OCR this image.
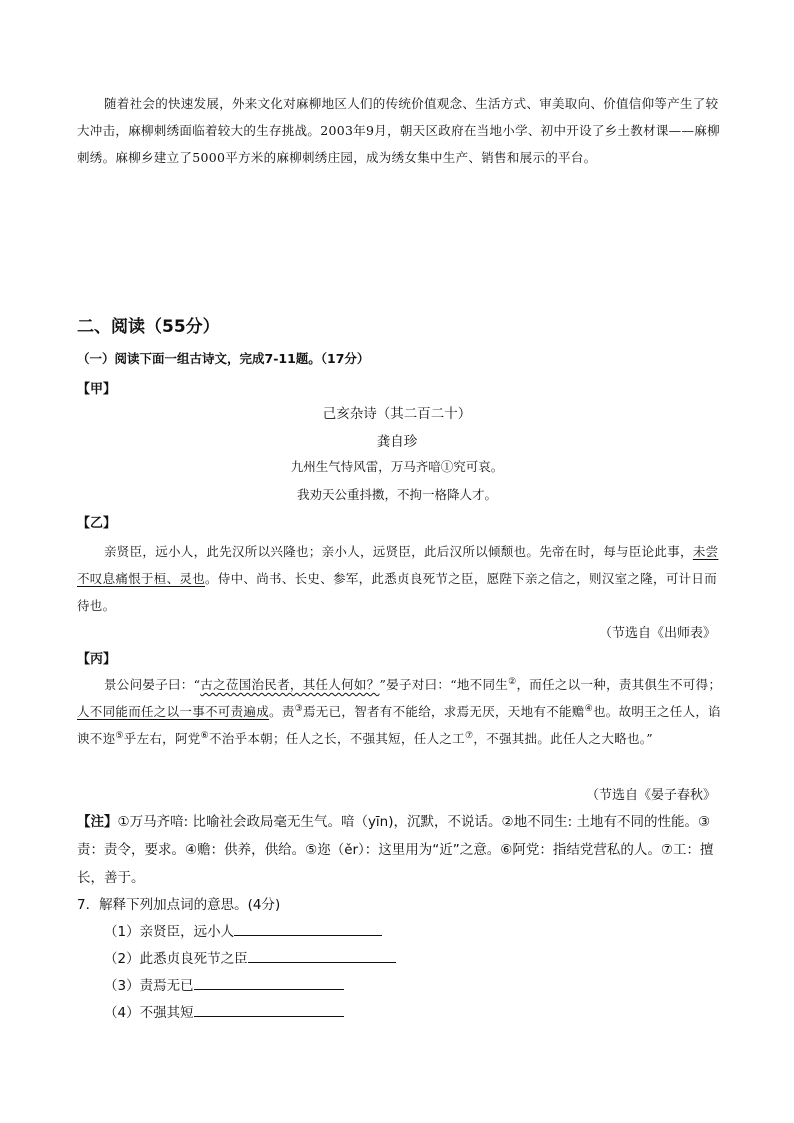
随着社会的快速发展，外来文化对麻柳地区人们的传统价值观念、生活方式、审美取向、价值信仰等产生了较大冲击，麻柳刺绣面临着较大的生存挑战。2003年9月，朝天区政府在当地小学、初中开设了乡土教材课——麻柳刺绣。麻柳乡建立了5000平方米的麻柳刺绣庄园，成为绣女集中生产、销售和展示的平台。

二、阅读（55分）
（一）阅读下面一组古诗文，完成7-11题。（17分）
【甲】
己亥杂诗（其二百二十）
龚自珍
九州生气恃风雷，万马齐喑①究可哀。
我劝天公重抖擞，不拘一格降人才。
【乙】

亲贤臣，远小人，此先汉所以兴隆也；亲小人，远贤臣，此后汉所以倾颓也。先帝在时，每与臣论此事，未尝不叹息痛恨于桓、灵也。侍中、尚书、长史、参军，此悉贞良死节之臣，愿陛下亲之信之，则汉室之隆，可计日而待也。

（节选自《出师表》
【丙】

景公问晏子曰：“古之莅国治民者，其任人何如？”晏子对曰：“地不同生②，而任之以一种，责其俱生不可得；人不同能而任之以一事不可责遍成。责③焉无已，智者有不能给，求焉无厌，天地有不能赡④也。故明王之任人，谄谀不迩⑤乎左右，阿党⑥不治乎本朝；任人之长，不强其短，任人之工⑦，不强其拙。此任人之大略也。”

（节选自《晏子春秋》

【注】①万马齐喑: 比喻社会政局毫无生气。喑（yīn)，沉默，不说话。②地不同生: 土地有不同的性能。③责：责令，要求。④赡：供养，供给。⑤迩（ěr）：这里用为“近”之意。⑥阿党：指结党营私的人。⑦工：擅长，善于。

7．解释下列加点词的意思。(4分)
（1）亲贤臣，远小人
（2）此悉贞良死节之臣
（3）责焉无已
（4）不强其短
